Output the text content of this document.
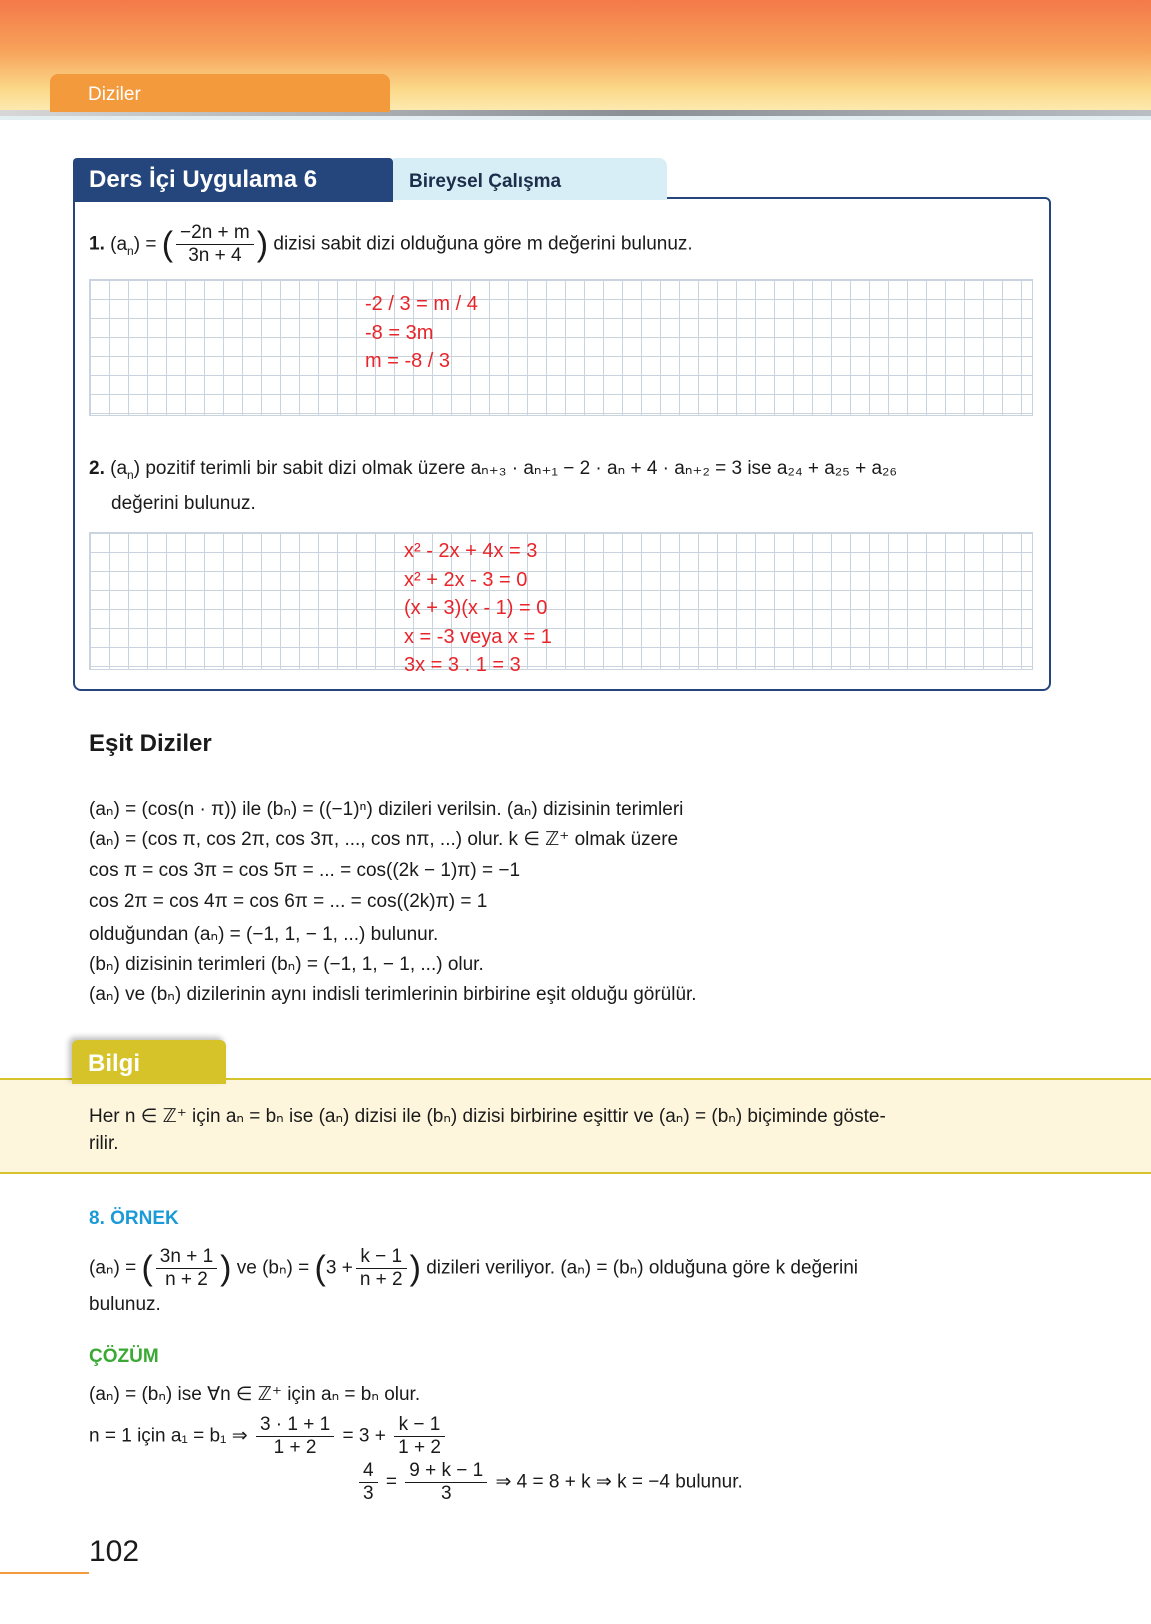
Diziler
Ders İçi Uygulama 6	Bireysel Çalışma
1. $(a_n)$ = ( $\frac{-2n + m}{3n + 4}$ ) dizisi sabit dizi olduğuna göre m değerini bulunuz.
-2 / 3 = m / 4
-8 = 3m
m = -8 / 3
2. $(a_n)$ pozitif terimli bir sabit dizi olmak üzere aₙ₊₃ · aₙ₊₁ − 2 · aₙ + 4 · aₙ₊₂ = 3 ise a₂₄ + a₂₅ + a₂₆
değerini bulunuz.
x² - 2x + 4x = 3
x² + 2x - 3 = 0
(x + 3)(x - 1) = 0
x = -3 veya x = 1
3x = 3 . 1 = 3
Eşit Diziler
(aₙ) = (cos(n · π)) ile (bₙ) = ((−1)ⁿ) dizileri verilsin. (aₙ) dizisinin terimleri
(aₙ) = (cos π, cos 2π, cos 3π, ..., cos nπ, ...) olur. k ∈ ℤ⁺ olmak üzere
cos π = cos 3π = cos 5π = ... = cos((2k − 1)π) = −1
cos 2π = cos 4π = cos 6π = ... = cos((2k)π) = 1
olduğundan (aₙ) = (−1, 1, − 1, ...) bulunur.
(bₙ) dizisinin terimleri (bₙ) = (−1, 1, − 1, ...) olur.
(aₙ) ve (bₙ) dizilerinin aynı indisli terimlerinin birbirine eşit olduğu görülür.
Bilgi
Her n ∈ ℤ⁺ için aₙ = bₙ ise (aₙ) dizisi ile (bₙ) dizisi birbirine eşittir ve (aₙ) = (bₙ) biçiminde göste-
rilir.
8. ÖRNEK
(aₙ) = ( $\frac{3n + 1}{n + 2}$ ) ve $(b_n) = (3 + \frac{k - 1}{n + 2}$ ) dizileri veriliyor. (aₙ) = (bₙ) olduğuna göre k değerini
bulunuz.
ÇÖZÜM
(aₙ) = (bₙ) ise ∀n ∈ ℤ⁺ için aₙ = bₙ olur.
n = 1 için a₁ = b₁ ⇒ $\frac{3 \cdot 1 + 1}{1 + 2} = 3 + \frac{k - 1}{1 + 2}$
$\frac{4}{3} = \frac{9 + k - 1}{3}$ ⇒ 4 = 8 + k ⇒ k = −4 bulunur.
102
